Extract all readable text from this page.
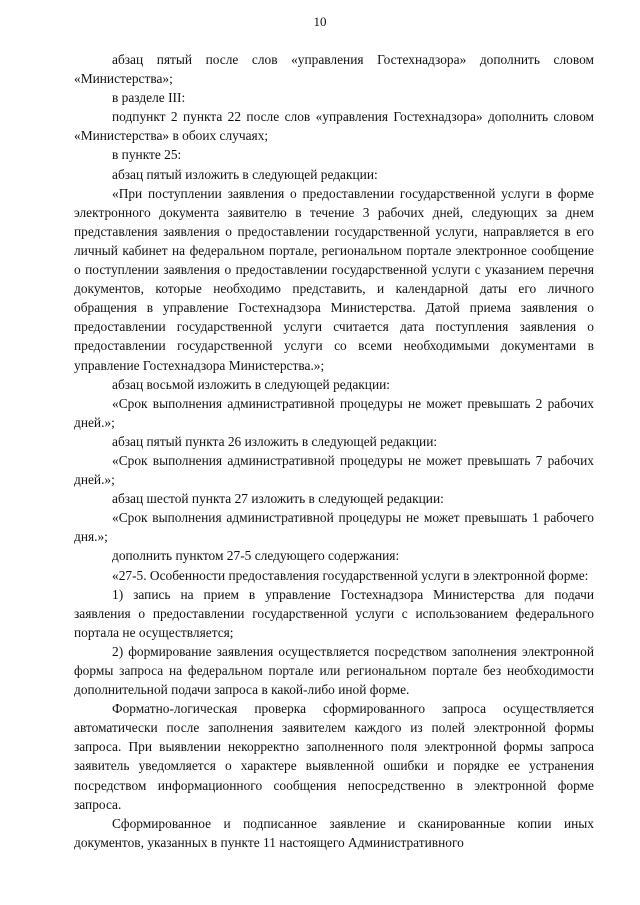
10

абзац пятый после слов «управления Гостехнадзора» дополнить словом «Министерства»;

в разделе III:

подпункт 2 пункта 22 после слов «управления Гостехнадзора» дополнить словом «Министерства» в обоих случаях;

в пункте 25:

абзац пятый изложить в следующей редакции:

«При поступлении заявления о предоставлении государственной услуги в форме электронного документа заявителю в течение 3 рабочих дней, следующих за днем представления заявления о предоставлении государственной услуги, направляется в его личный кабинет на федеральном портале, региональном портале электронное сообщение о поступлении заявления о предоставлении государственной услуги с указанием перечня документов, которые необходимо представить, и календарной даты его личного обращения в управление Гостехнадзора Министерства. Датой приема заявления о предоставлении государственной услуги считается дата поступления заявления о предоставлении государственной услуги со всеми необходимыми документами в управление Гостехнадзора Министерства.»;

абзац восьмой изложить в следующей редакции:

«Срок выполнения административной процедуры не может превышать 2 рабочих дней.»;

абзац пятый пункта 26 изложить в следующей редакции:

«Срок выполнения административной процедуры не может превышать 7 рабочих дней.»;

абзац шестой пункта 27 изложить в следующей редакции:

«Срок выполнения административной процедуры не может превышать 1 рабочего дня.»;

дополнить пунктом 27-5 следующего содержания:

«27-5. Особенности предоставления государственной услуги в электронной форме:

1) запись на прием в управление Гостехнадзора Министерства для подачи заявления о предоставлении государственной услуги с использованием федерального портала не осуществляется;

2) формирование заявления осуществляется посредством заполнения электронной формы запроса на федеральном портале или региональном портале без необходимости дополнительной подачи запроса в какой-либо иной форме.

Форматно-логическая проверка сформированного запроса осуществляется автоматически после заполнения заявителем каждого из полей электронной формы запроса. При выявлении некорректно заполненного поля электронной формы запроса заявитель уведомляется о характере выявленной ошибки и порядке ее устранения посредством информационного сообщения непосредственно в электронной форме запроса.

Сформированное и подписанное заявление и сканированные копии иных документов, указанных в пункте 11 настоящего Административного
